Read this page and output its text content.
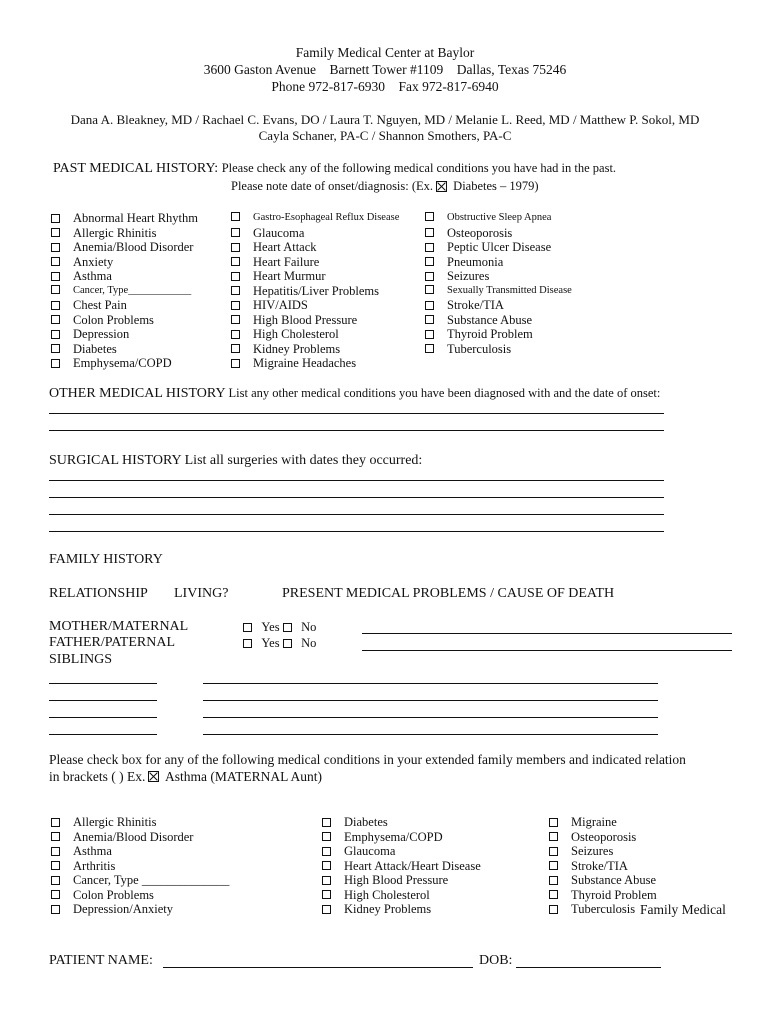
Family Medical Center at Baylor
3600 Gaston Avenue    Barnett Tower #1109    Dallas, Texas 75246
Phone 972-817-6930    Fax 972-817-6940
Dana A. Bleakney, MD / Rachael C. Evans, DO / Laura T. Nguyen, MD / Melanie L. Reed, MD / Matthew P. Sokol, MD
Cayla Schaner, PA-C / Shannon Smothers, PA-C
PAST MEDICAL HISTORY: Please check any of the following medical conditions you have had in the past.
Please note date of onset/diagnosis: (Ex. Diabetes – 1979)
Abnormal Heart Rhythm
Allergic Rhinitis
Anemia/Blood Disorder
Anxiety
Asthma
Cancer, Type____________
Chest Pain
Colon Problems
Depression
Diabetes
Emphysema/COPD
Gastro-Esophageal Reflux Disease
Glaucoma
Heart Attack
Heart Failure
Heart Murmur
Hepatitis/Liver Problems
HIV/AIDS
High Blood Pressure
High Cholesterol
Kidney Problems
Migraine Headaches
Obstructive Sleep Apnea
Osteoporosis
Peptic Ulcer Disease
Pneumonia
Seizures
Sexually Transmitted Disease
Stroke/TIA
Substance Abuse
Thyroid Problem
Tuberculosis
OTHER MEDICAL HISTORY List any other medical conditions you have been diagnosed with and the date of onset:
SURGICAL HISTORY List all surgeries with dates they occurred:
FAMILY HISTORY
RELATIONSHIP LIVING?	PRESENT MEDICAL PROBLEMS / CAUSE OF DEATH
MOTHER/MATERNAL	Yes No
FATHER/PATERNAL	Yes No
SIBLINGS
Please check box for any of the following medical conditions in your extended family members and indicated relation
in brackets ( ) Ex. Asthma (MATERNAL Aunt)
Allergic Rhinitis
Anemia/Blood Disorder
Asthma
Arthritis
Cancer, Type ______________
Colon Problems
Depression/Anxiety
Diabetes
Emphysema/COPD
Glaucoma
Heart Attack/Heart Disease
High Blood Pressure
High Cholesterol
Kidney Problems
Migraine
Osteoporosis
Seizures
Stroke/TIA
Substance Abuse
Thyroid Problem
Tuberculosis Family Medical
PATIENT NAME:	DOB:
